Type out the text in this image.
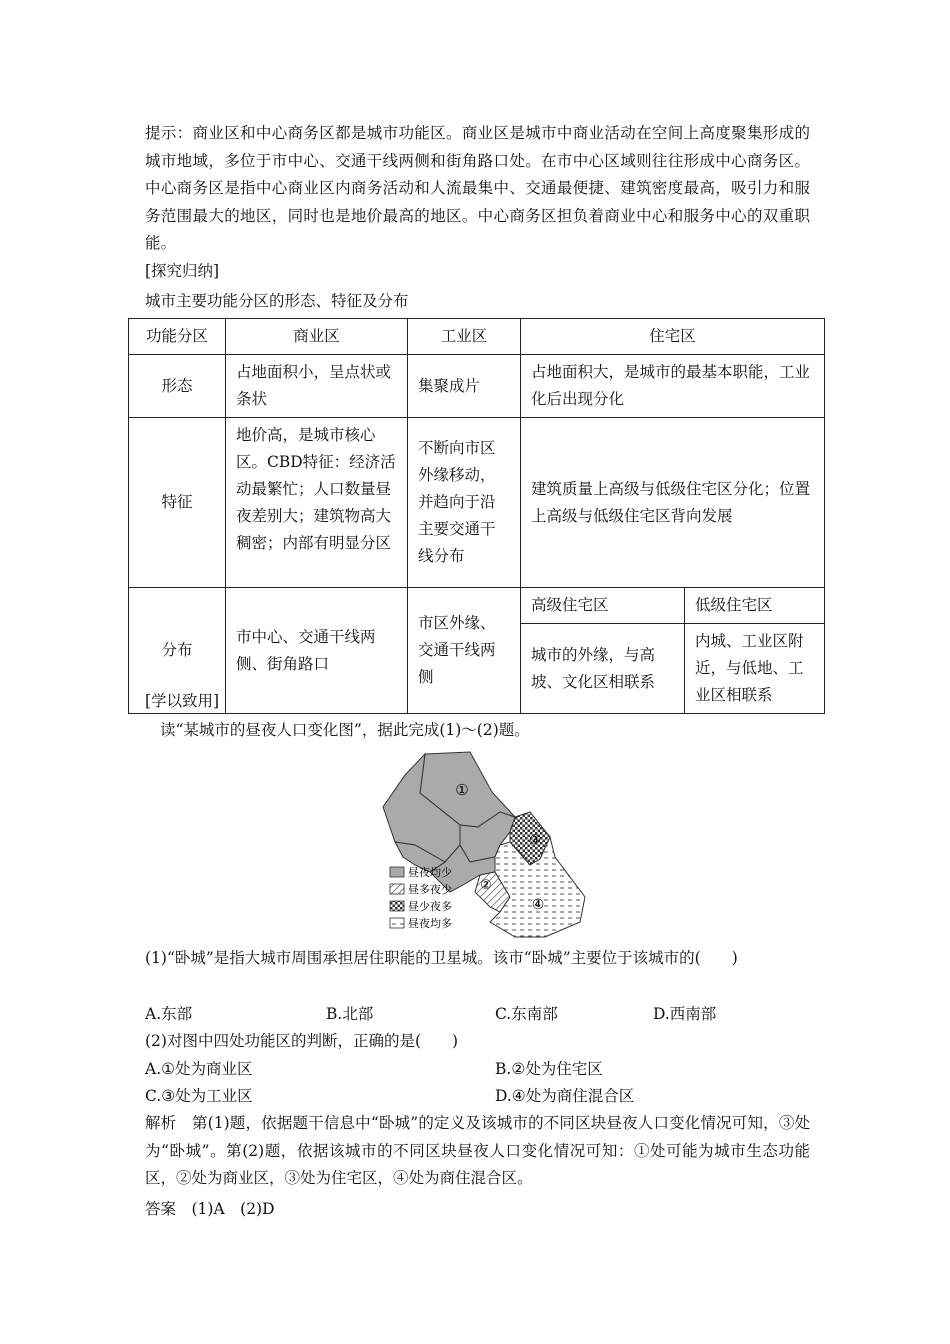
提示：商业区和中心商务区都是城市功能区。商业区是城市中商业活动在空间上高度聚集形成的城市地域，多位于市中心、交通干线两侧和街角路口处。在市中心区域则往往形成中心商务区。中心商务区是指中心商业区内商务活动和人流最集中、交通最便捷、建筑密度最高，吸引力和服务范围最大的地区，同时也是地价最高的地区。中心商务区担负着商业中心和服务中心的双重职能。

[探究归纳]

城市主要功能分区的形态、特征及分布

功能分区	商业区	工业区	住宅区	
形态	占地面积小，呈点状或条状	集聚成片	占地面积大，是城市的最基本职能，工业化后出现分化	
特征	地价高，是城市核心区。CBD特征：经济活动最繁忙；人口数量昼夜差别大；建筑物高大稠密；内部有明显分区	不断向市区外缘移动，并趋向于沿主要交通干线分布	建筑质量上高级与低级住宅区分化；位置上高级与低级住宅区背向发展	
分布	市中心、交通干线两侧、街角路口	市区外缘、交通干线两侧	高级住宅区	低级住宅区
			城市的外缘，与高坡、文化区相联系	内城、工业区附近，与低地、工业区相联系

[学以致用]

读“某城市的昼夜人口变化图”，据此完成(1)～(2)题。

①
②
③
④
昼夜均少
昼多夜少
昼少夜多
昼夜均多

(1)“卧城”是指大城市周围承担居住职能的卫星城。该市“卧城”主要位于该城市的(　　)

A.东部	B.北部	C.东南部	D.西南部

(2)对图中四处功能区的判断，正确的是(　　)

A.①处为商业区	B.②处为住宅区
C.③处为工业区	D.④处为商住混合区

解析　第(1)题，依据题干信息中“卧城”的定义及该城市的不同区块昼夜人口变化情况可知，③处为“卧城”。第(2)题，依据该城市的不同区块昼夜人口变化情况可知：①处可能为城市生态功能区，②处为商业区，③处为住宅区，④处为商住混合区。

答案　(1)A　(2)D
